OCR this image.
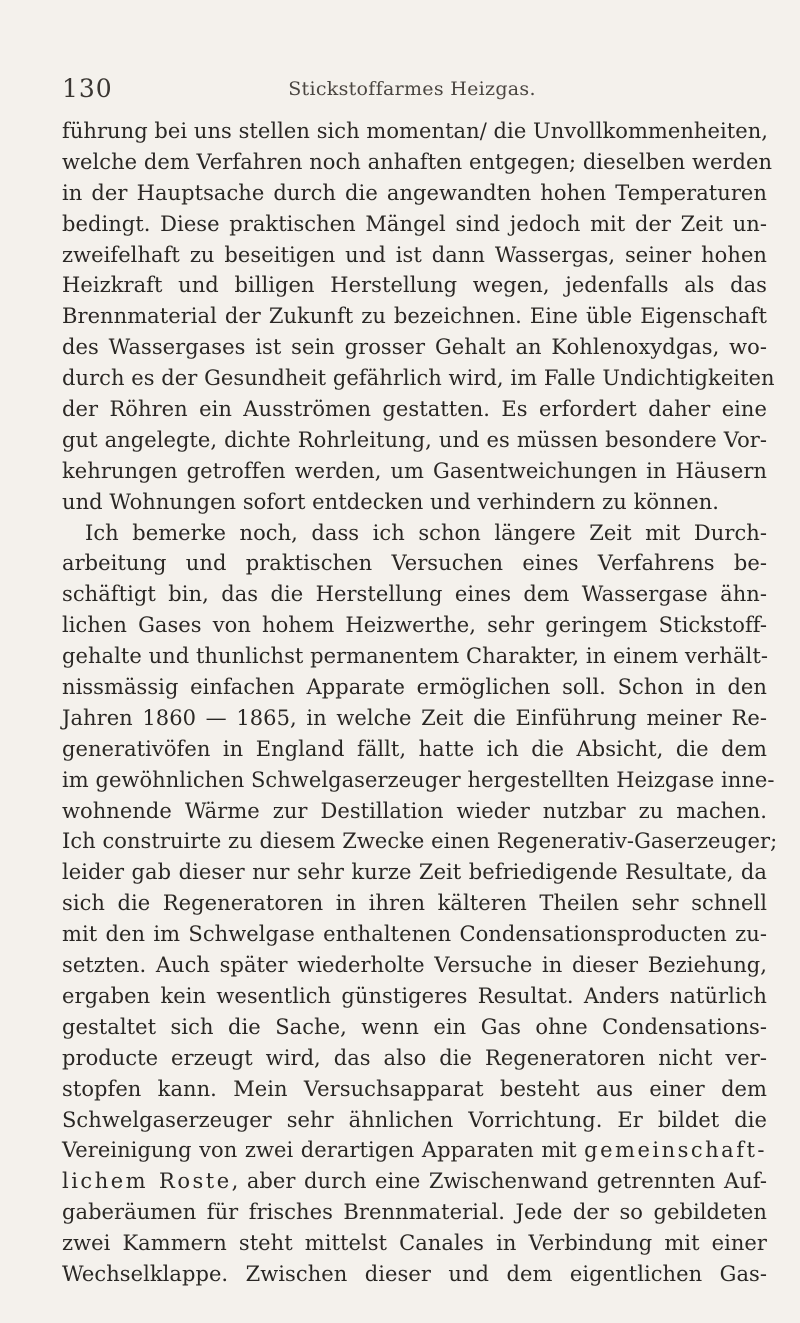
130	Stickstoffarmes Heizgas.
führung bei uns stellen sich momentan/ die Unvollkommenheiten,
welche dem Verfahren noch anhaften entgegen; dieselben werden
in der Hauptsache durch die angewandten hohen Temperaturen
bedingt. Diese praktischen Mängel sind jedoch mit der Zeit un-
zweifelhaft zu beseitigen und ist dann Wassergas, seiner hohen
Heizkraft und billigen Herstellung wegen, jedenfalls als das
Brennmaterial der Zukunft zu bezeichnen. Eine üble Eigenschaft
des Wassergases ist sein grosser Gehalt an Kohlenoxydgas, wo-
durch es der Gesundheit gefährlich wird, im Falle Undichtigkeiten
der Röhren ein Ausströmen gestatten. Es erfordert daher eine
gut angelegte, dichte Rohrleitung, und es müssen besondere Vor-
kehrungen getroffen werden, um Gasentweichungen in Häusern
und Wohnungen sofort entdecken und verhindern zu können.
Ich bemerke noch, dass ich schon längere Zeit mit Durch-
arbeitung und praktischen Versuchen eines Verfahrens be-
schäftigt bin, das die Herstellung eines dem Wassergase ähn-
lichen Gases von hohem Heizwerthe, sehr geringem Stickstoff-
gehalte und thunlichst permanentem Charakter, in einem verhält-
nissmässig einfachen Apparate ermöglichen soll. Schon in den
Jahren 1860 — 1865, in welche Zeit die Einführung meiner Re-
generativöfen in England fällt, hatte ich die Absicht, die dem
im gewöhnlichen Schwelgaserzeuger hergestellten Heizgase inne-
wohnende Wärme zur Destillation wieder nutzbar zu machen.
Ich construirte zu diesem Zwecke einen Regenerativ-Gaserzeuger;
leider gab dieser nur sehr kurze Zeit befriedigende Resultate, da
sich die Regeneratoren in ihren kälteren Theilen sehr schnell
mit den im Schwelgase enthaltenen Condensationsproducten zu-
setzten. Auch später wiederholte Versuche in dieser Beziehung,
ergaben kein wesentlich günstigeres Resultat. Anders natürlich
gestaltet sich die Sache, wenn ein Gas ohne Condensations-
producte erzeugt wird, das also die Regeneratoren nicht ver-
stopfen kann. Mein Versuchsapparat besteht aus einer dem
Schwelgaserzeuger sehr ähnlichen Vorrichtung. Er bildet die
Vereinigung von zwei derartigen Apparaten mit gemeinschaft-
lichem Roste, aber durch eine Zwischenwand getrennten Auf-
gaberäumen für frisches Brennmaterial. Jede der so gebildeten
zwei Kammern steht mittelst Canales in Verbindung mit einer
Wechselklappe. Zwischen dieser und dem eigentlichen Gas-
